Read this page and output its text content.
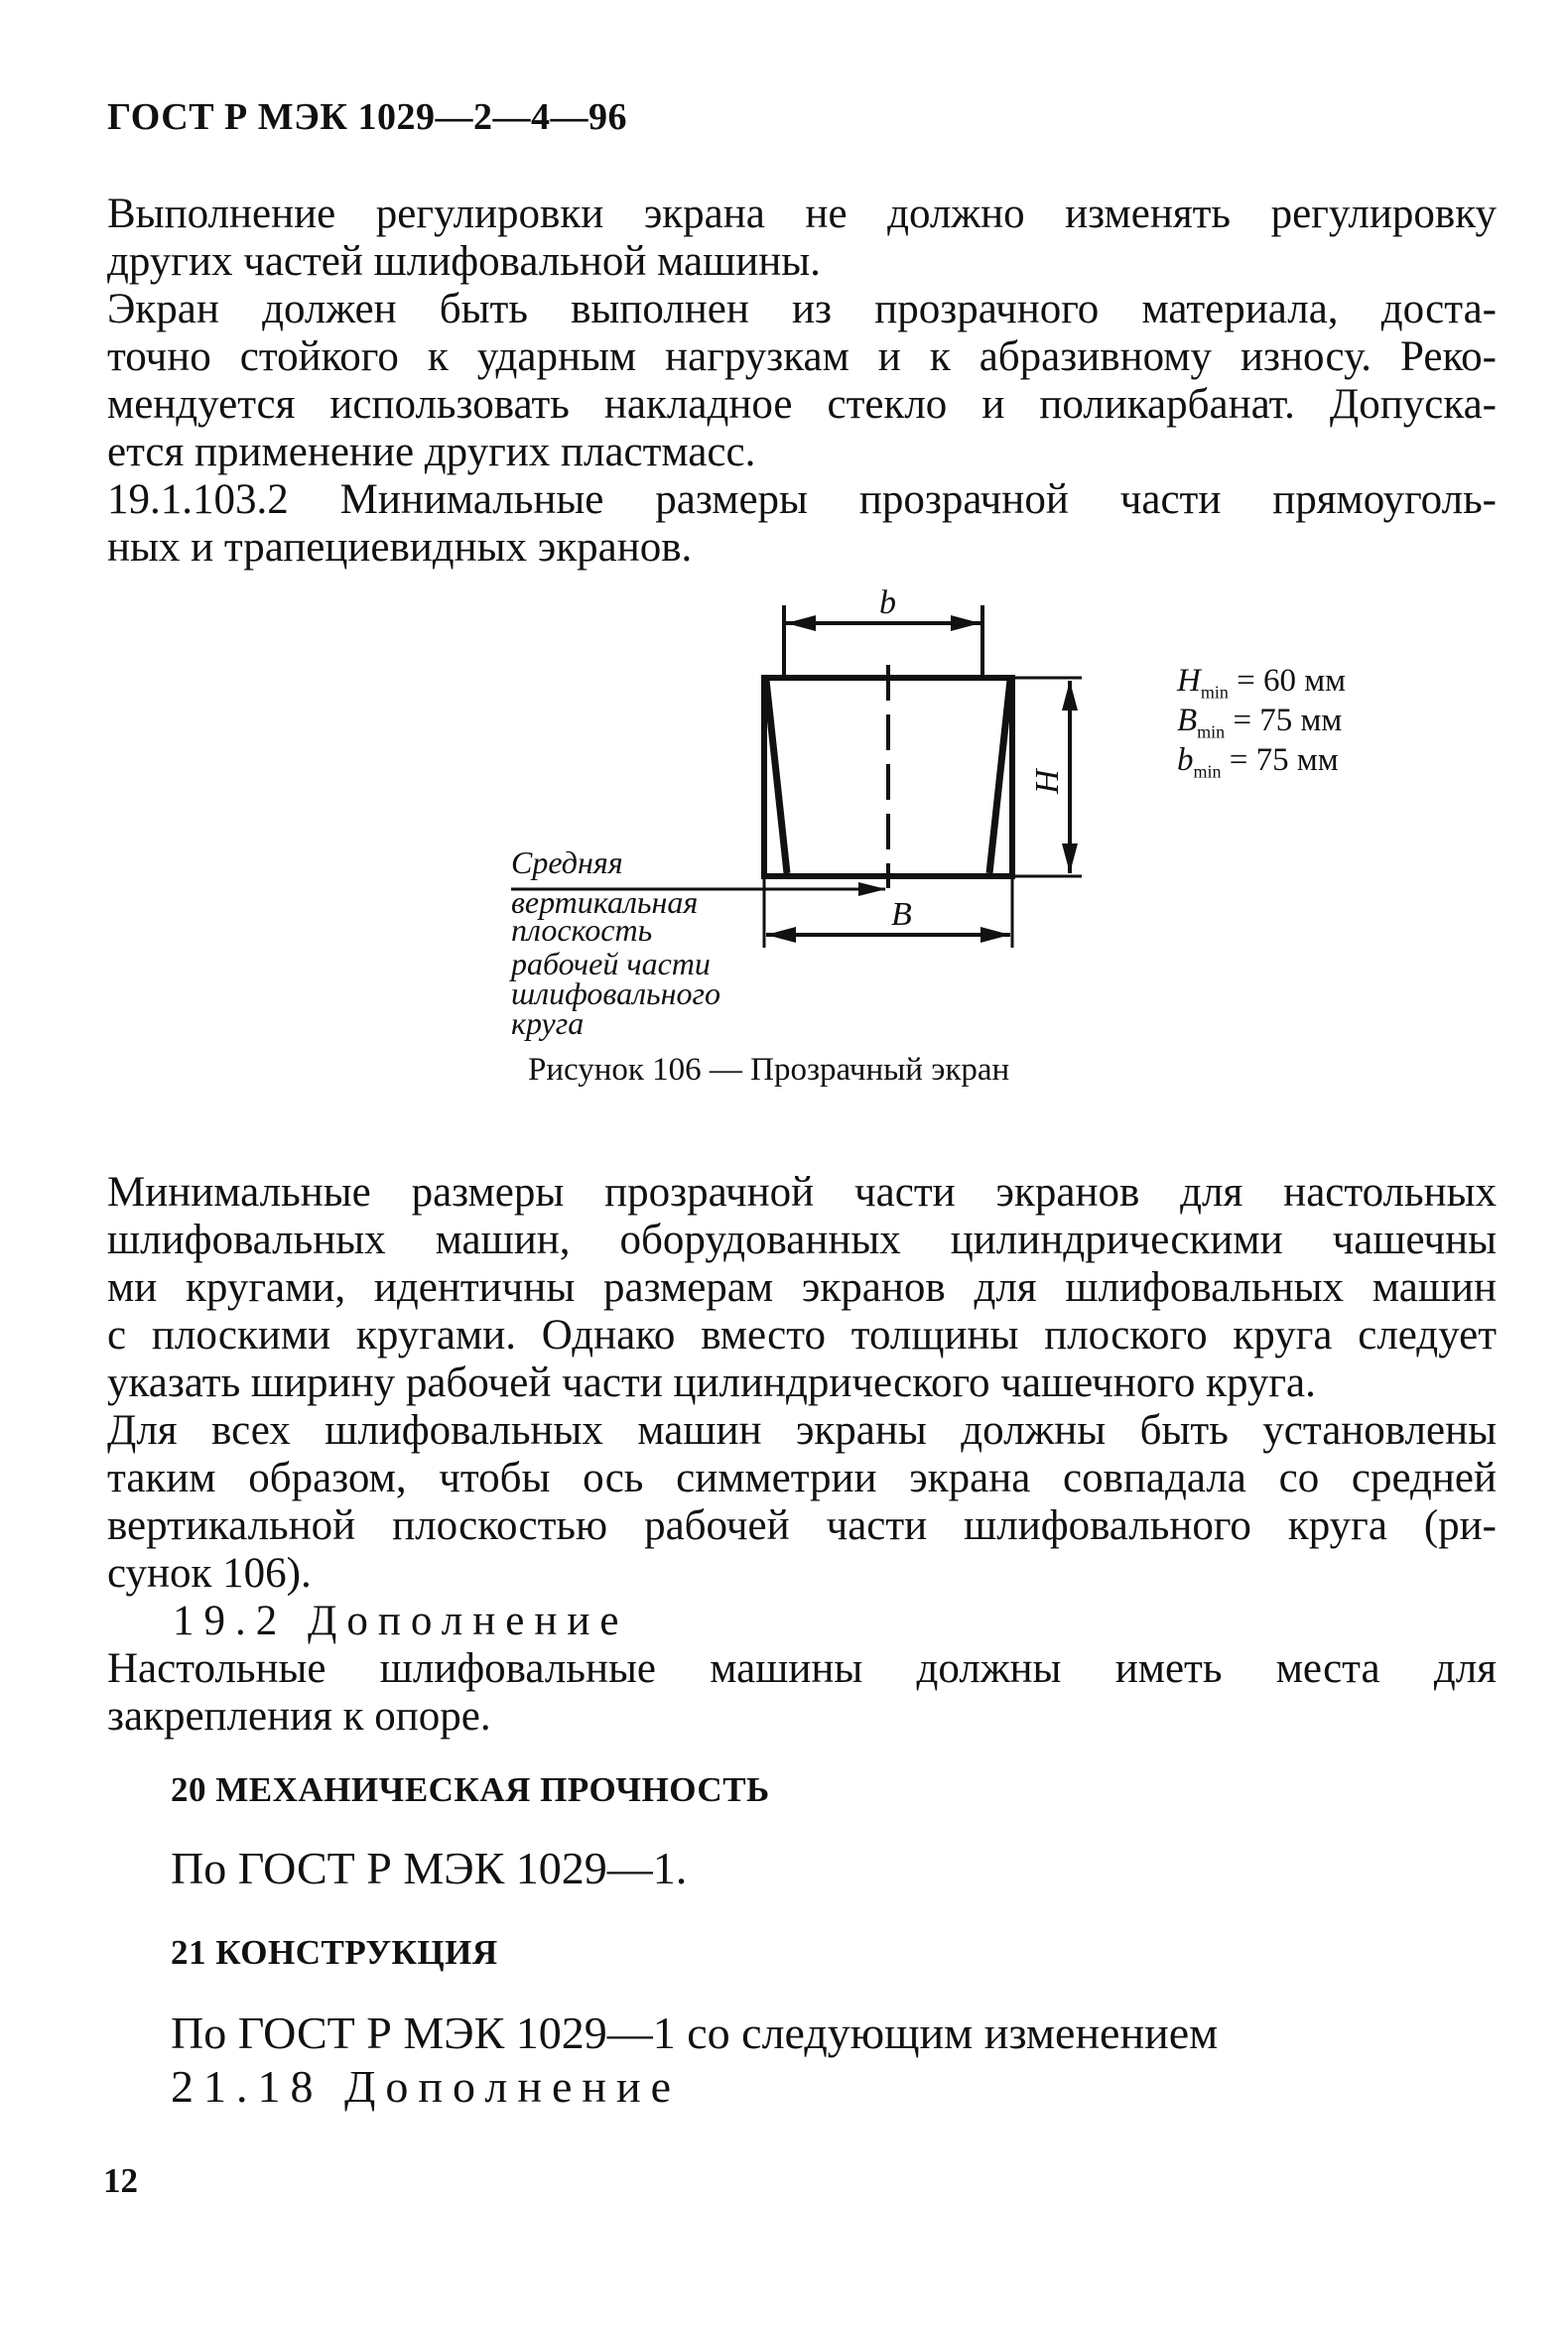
ГОСТ Р МЭК 1029—2—4—96
Выполнение регулировки экрана не должно изменять регулировку
других частей шлифовальной машины.
Экран должен быть выполнен из прозрачного материала, доста-
точно стойкого к ударным нагрузкам и к абразивному износу. Реко-
мендуется использовать накладное стекло и поликарбанат. Допуска-
ется применение других пластмасс.
19.1.103.2 Минимальные размеры прозрачной части прямоуголь-
ных и трапециевидных экранов.
b
H
B
Средняя
вертикальная
плоскость
рабочей части
шлифовального
круга
$H_{min} = 60$ мм
$B_{min} = 75$ мм
$b_{min} = 75$ мм
Рисунок 106 — Прозрачный экран
Минимальные размеры прозрачной части экранов для настольных
шлифовальных машин, оборудованных цилиндрическими чашечны
ми кругами, идентичны размерам экранов для шлифовальных машин
с плоскими кругами. Однако вместо толщины плоского круга следует
указать ширину рабочей части цилиндрического чашечного круга.
Для всех шлифовальных машин экраны должны быть установлены
таким образом, чтобы ось симметрии экрана совпадала со средней
вертикальной плоскостью рабочей части шлифовального круга (ри-
сунок 106).
19.2 Дополнение
Настольные шлифовальные машины должны иметь места для
закрепления к опоре.
20 МЕХАНИЧЕСКАЯ ПРОЧНОСТЬ
По ГОСТ Р МЭК 1029—1.
21 КОНСТРУКЦИЯ
По ГОСТ Р МЭК 1029—1 со следующим изменением
21.18 Дополнение
12
